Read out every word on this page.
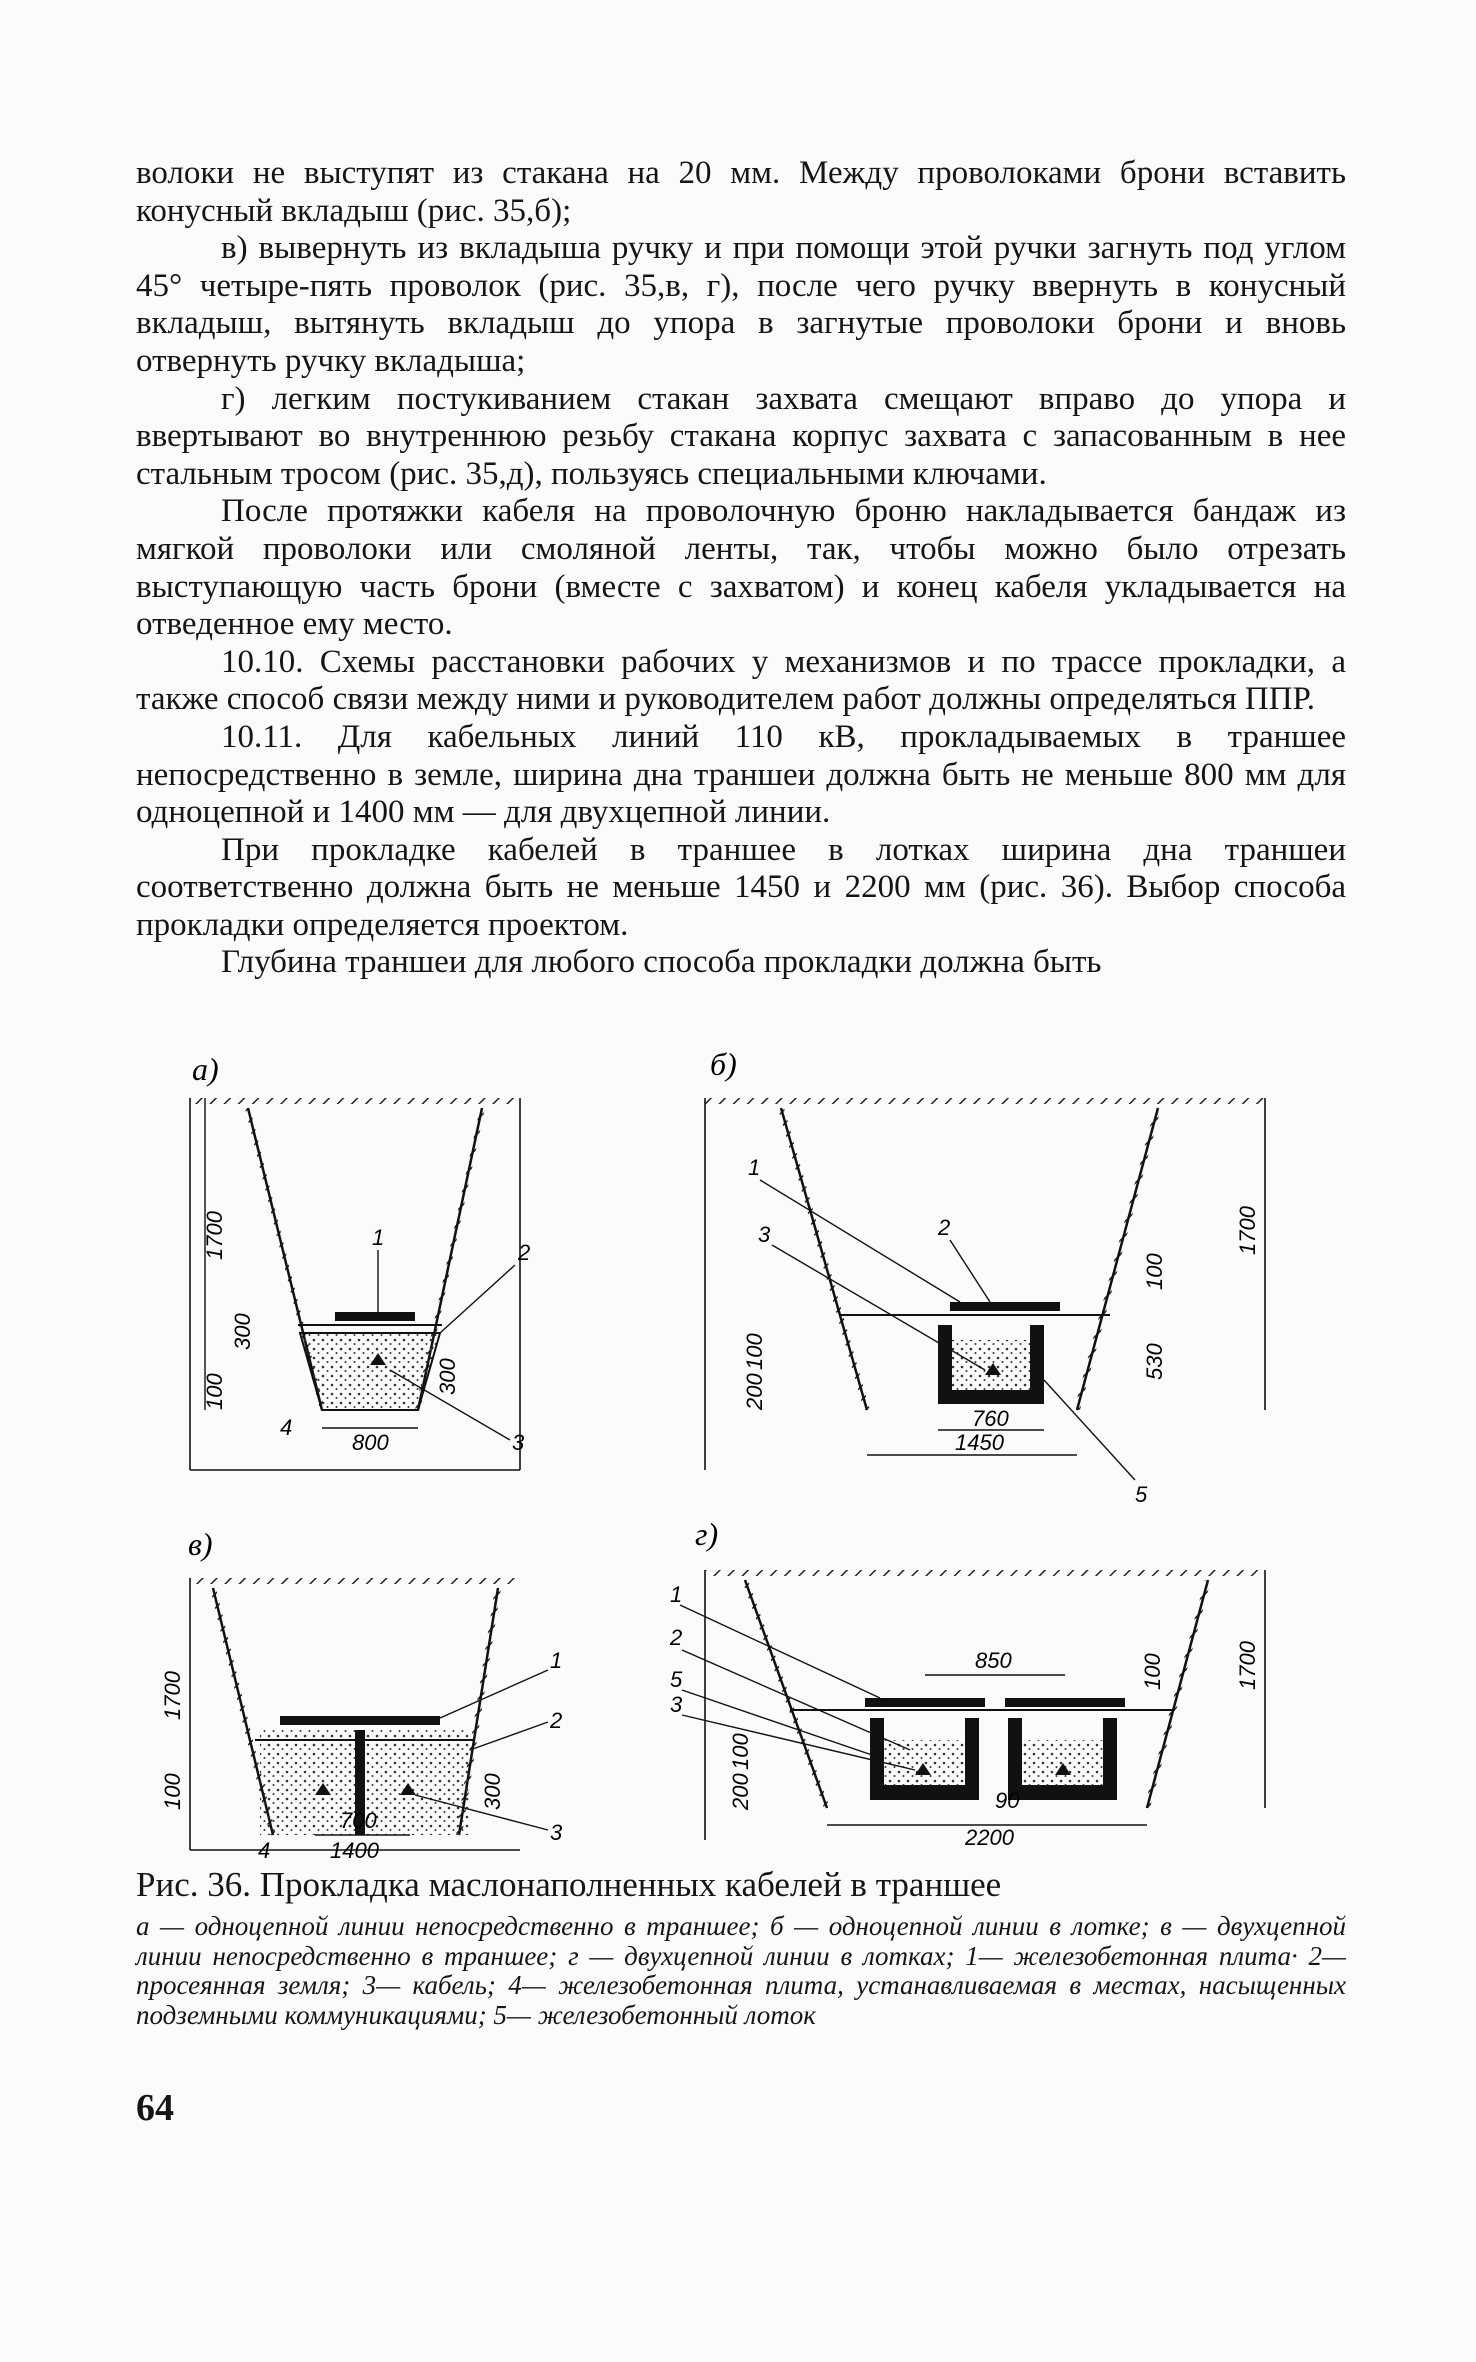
волоки не выступят из стакана на 20 мм. Между проволоками брони вставить конусный вкладыш (рис. 35,б);

в) вывернуть из вкладыша ручку и при помощи этой ручки загнуть под углом 45° четыре-пять проволок (рис. 35,в, г), после чего ручку ввернуть в конусный вкладыш, вытянуть вкладыш до упора в загнутые проволоки брони и вновь отвернуть ручку вкладыша;

г) легким постукиванием стакан захвата смещают вправо до упора и ввертывают во внутреннюю резьбу стакана корпус захвата с запасованным в нее стальным тросом (рис. 35,д), пользуясь специальными ключами.

После протяжки кабеля на проволочную броню накладывается бандаж из мягкой проволоки или смоляной ленты, так, чтобы можно было отрезать выступающую часть брони (вместе с захватом) и конец кабеля укладывается на отведенное ему место.

10.10. Схемы расстановки рабочих у механизмов и по трассе прокладки, а также способ связи между ними и руководителем работ должны определяться ППР.

10.11. Для кабельных линий 110 кВ, прокладываемых в траншее непосредственно в земле, ширина дна траншеи должна быть не меньше 800 мм для одноцепной и 1400 мм — для двухцепной линии.

При прокладке кабелей в траншее в лотках ширина дна траншеи соответственно должна быть не меньше 1450 и 2200 мм (рис. 36). Выбор способа прокладки определяется проектом.

Глубина траншеи для любого способа прокладки должна быть

а)
1700
300
100	300
800
1
2
3
4
б)
100
1700
530
100
200
760
1450
1
2
3
5
в)
1700
100	300
700
1400
1
2
3
4
г)
850	100	1700
100
200	90
2200
1
2
5
3
Рис. 36. Прокладка маслонаполненных кабелей в траншее
а — одноцепной линии непосредственно в траншее; б — одноцепной линии в лотке; в — двухцепной линии непосредственно в траншее; г — двухцепной линии в лотках; 1— железобетонная плита· 2— просеянная земля; 3— кабель; 4— железобетонная плита, устанавливаемая в местах, насыщенных подземными коммуникациями; 5— железобетонный лоток
64
